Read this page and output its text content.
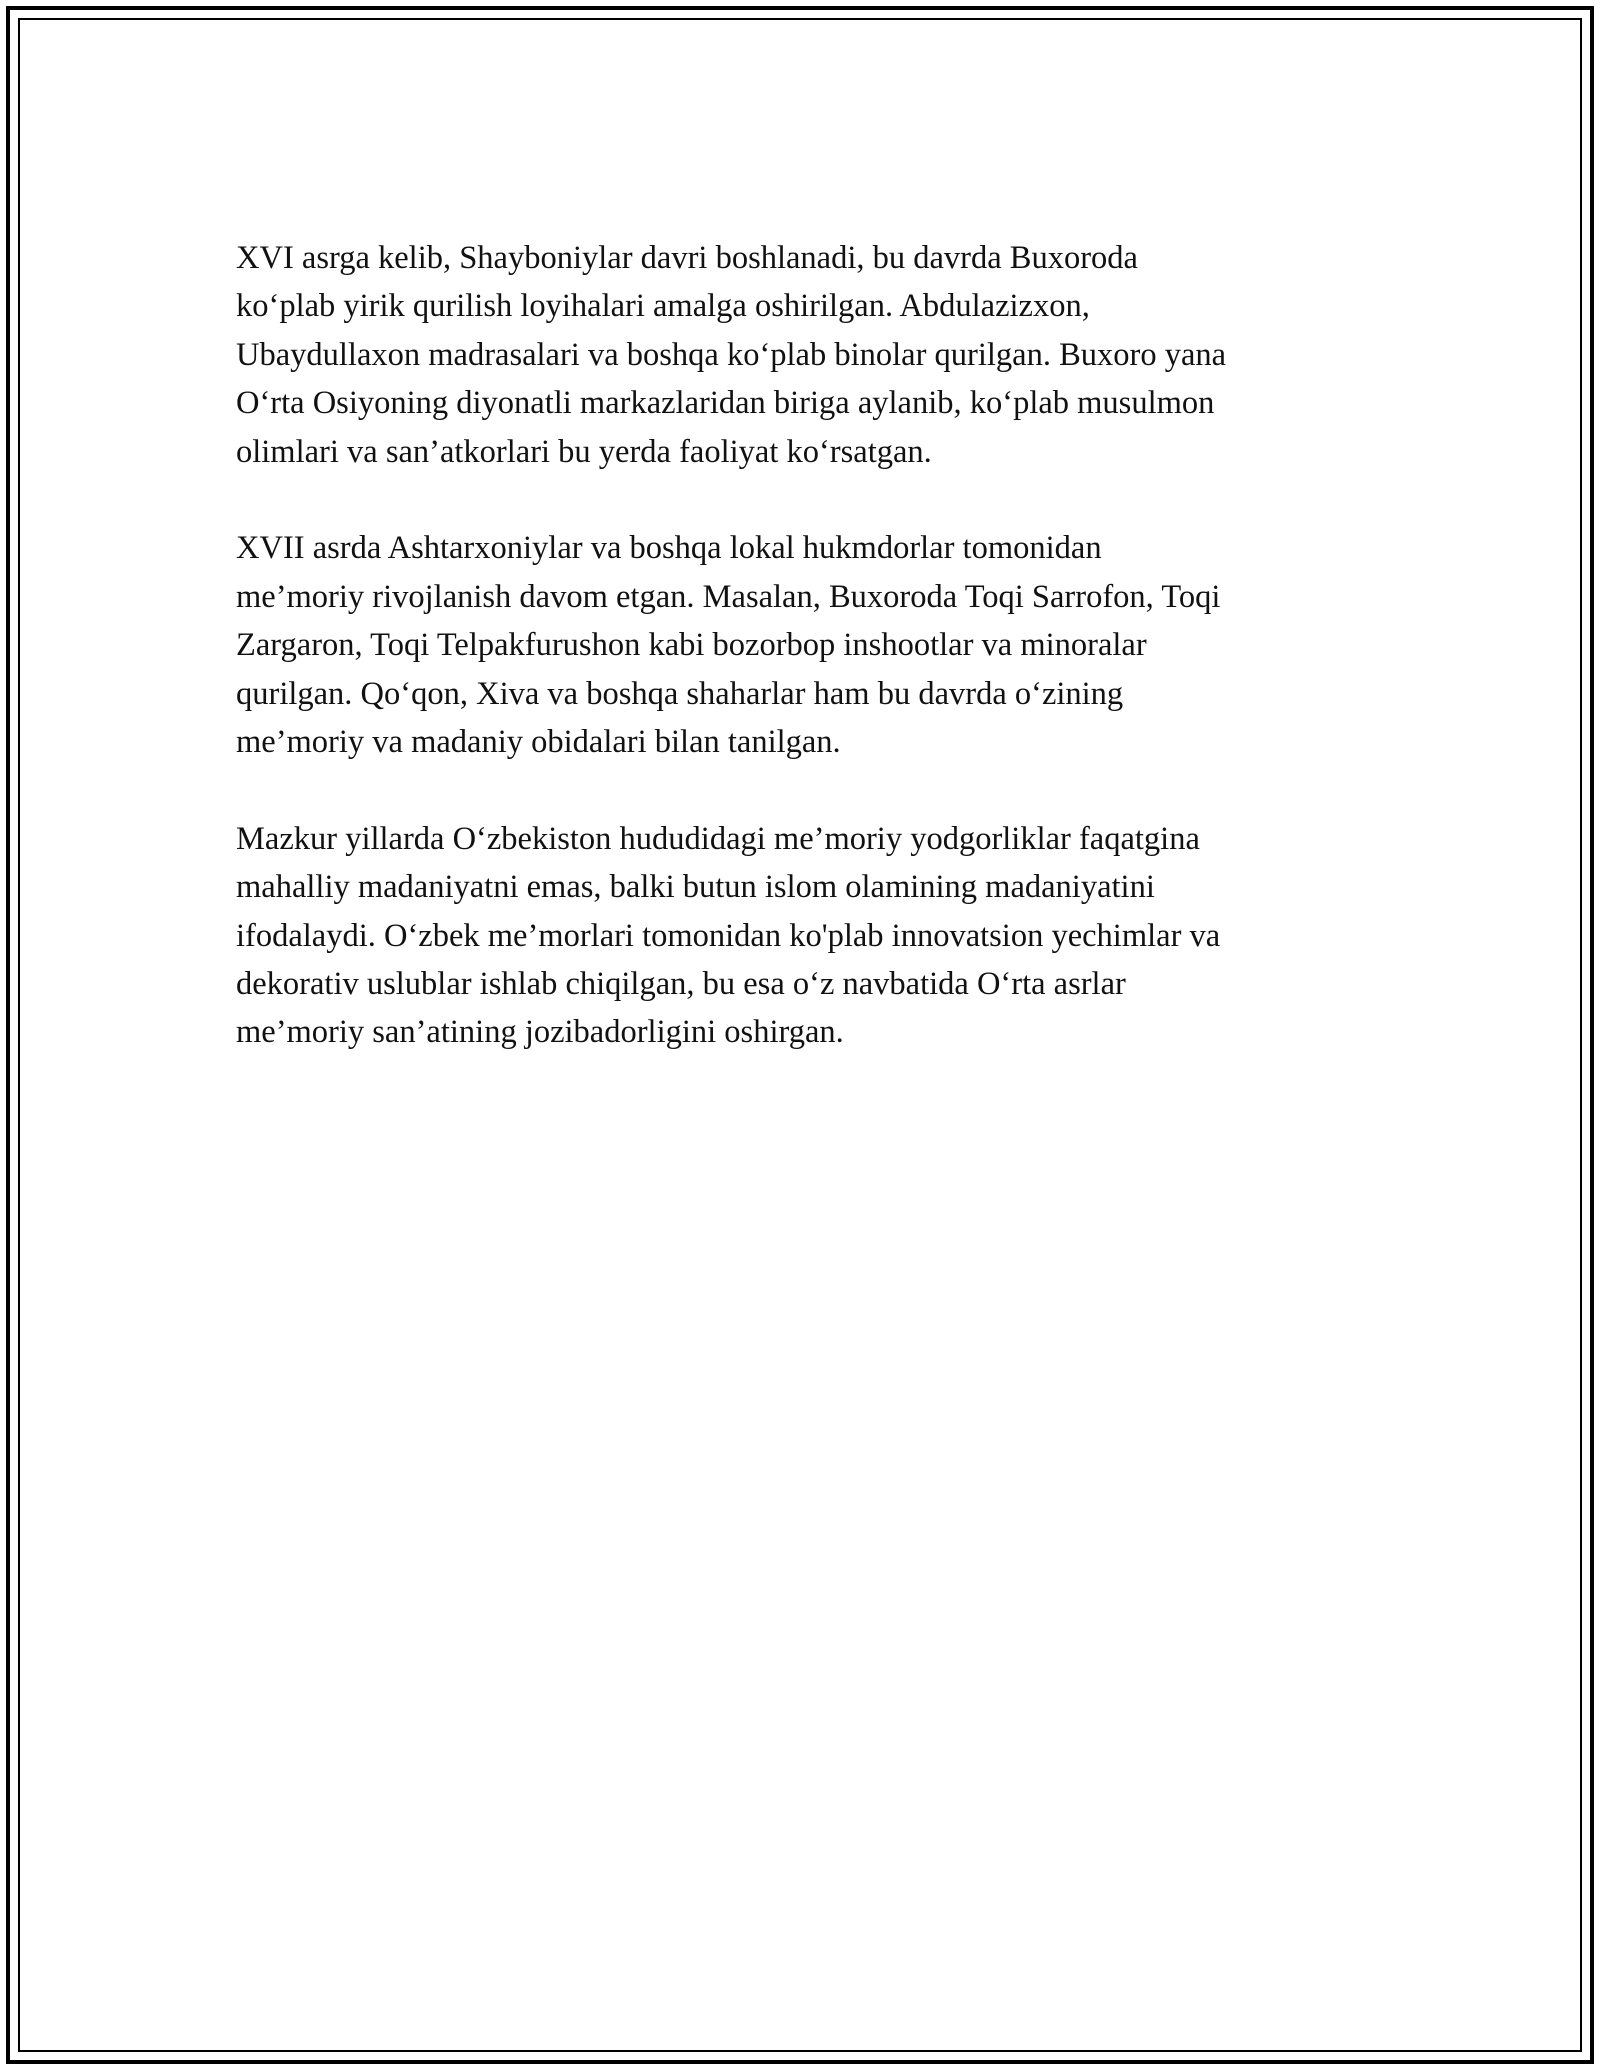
XVI asrga kelib, Shayboniylar davri boshlanadi, bu davrda Buxoroda
ko‘plab yirik qurilish loyihalari amalga oshirilgan. Abdulazizxon,
Ubaydullaxon madrasalari va boshqa ko‘plab binolar qurilgan. Buxoro yana
O‘rta Osiyoning diyonatli markazlaridan biriga aylanib, ko‘plab musulmon
olimlari va san’atkorlari bu yerda faoliyat ko‘rsatgan.

XVII asrda Ashtarxoniylar va boshqa lokal hukmdorlar tomonidan
me’moriy rivojlanish davom etgan. Masalan, Buxoroda Toqi Sarrofon, Toqi
Zargaron, Toqi Telpakfurushon kabi bozorbop inshootlar va minoralar
qurilgan. Qo‘qon, Xiva va boshqa shaharlar ham bu davrda o‘zining
me’moriy va madaniy obidalari bilan tanilgan.

Mazkur yillarda O‘zbekiston hududidagi me’moriy yodgorliklar faqatgina
mahalliy madaniyatni emas, balki butun islom olamining madaniyatini
ifodalaydi. O‘zbek me’morlari tomonidan ko'plab innovatsion yechimlar va
dekorativ uslublar ishlab chiqilgan, bu esa o‘z navbatida O‘rta asrlar
me’moriy san’atining jozibadorligini oshirgan.
